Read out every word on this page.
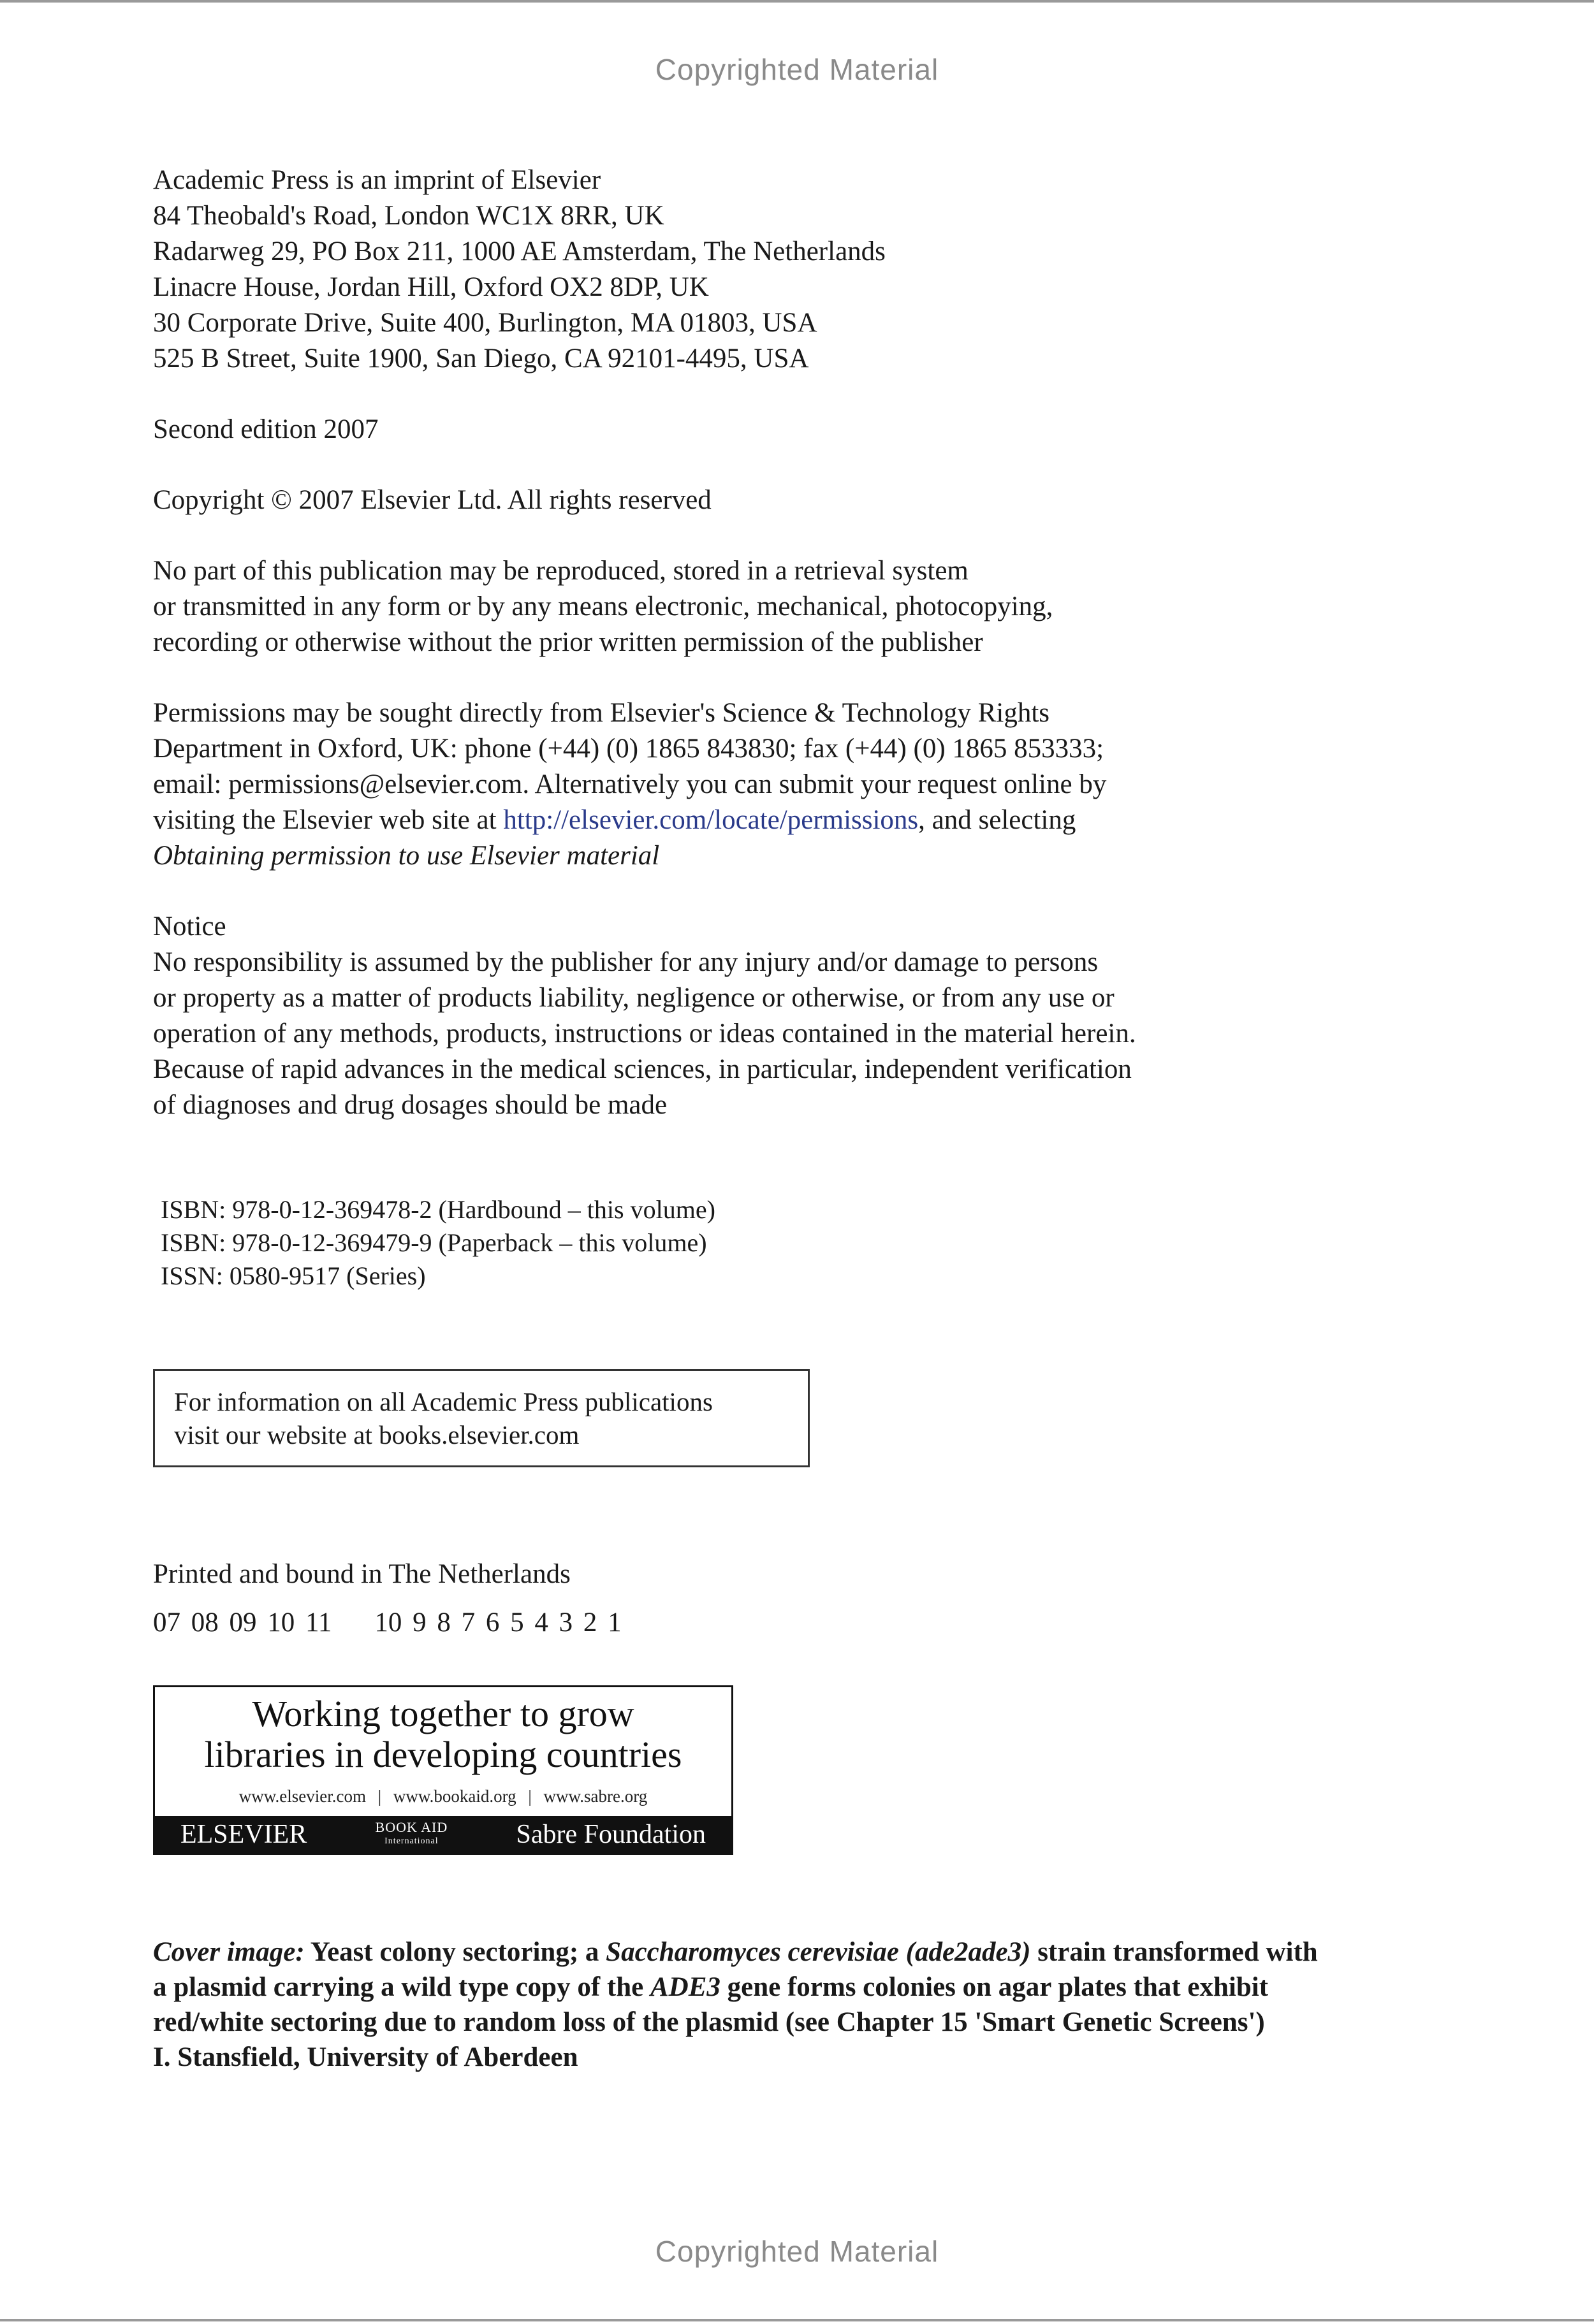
Copyrighted Material
Academic Press is an imprint of Elsevier
84 Theobald's Road, London WC1X 8RR, UK
Radarweg 29, PO Box 211, 1000 AE Amsterdam, The Netherlands
Linacre House, Jordan Hill, Oxford OX2 8DP, UK
30 Corporate Drive, Suite 400, Burlington, MA 01803, USA
525 B Street, Suite 1900, San Diego, CA 92101-4495, USA
Second edition 2007
Copyright © 2007 Elsevier Ltd. All rights reserved
No part of this publication may be reproduced, stored in a retrieval system
or transmitted in any form or by any means electronic, mechanical, photocopying,
recording or otherwise without the prior written permission of the publisher
Permissions may be sought directly from Elsevier's Science & Technology Rights
Department in Oxford, UK: phone (+44) (0) 1865 843830; fax (+44) (0) 1865 853333;
email: permissions@elsevier.com. Alternatively you can submit your request online by
visiting the Elsevier web site at http://elsevier.com/locate/permissions, and selecting
Obtaining permission to use Elsevier material
Notice
No responsibility is assumed by the publisher for any injury and/or damage to persons
or property as a matter of products liability, negligence or otherwise, or from any use or
operation of any methods, products, instructions or ideas contained in the material herein.
Because of rapid advances in the medical sciences, in particular, independent verification
of diagnoses and drug dosages should be made
ISBN: 978-0-12-369478-2 (Hardbound – this volume)
ISBN: 978-0-12-369479-9 (Paperback – this volume)
ISSN: 0580-9517 (Series)
For information on all Academic Press publications
visit our website at books.elsevier.com
Printed and bound in The Netherlands
07 08 09 10 11    10 9 8 7 6 5 4 3 2 1
Working together to grow
libraries in developing countries
www.elsevier.com | www.bookaid.org | www.sabre.org
ELSEVIER	BOOK AID
International	Sabre Foundation
Cover image: Yeast colony sectoring; a Saccharomyces cerevisiae (ade2ade3) strain transformed with
a plasmid carrying a wild type copy of the ADE3 gene forms colonies on agar plates that exhibit
red/white sectoring due to random loss of the plasmid (see Chapter 15 'Smart Genetic Screens')
I. Stansfield, University of Aberdeen
Copyrighted Material
